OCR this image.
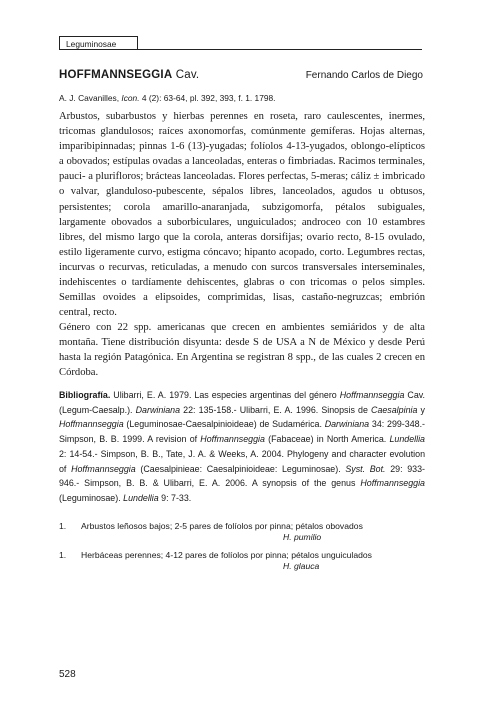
Leguminosae
HOFFMANNSEGGIA Cav.	Fernando Carlos de Diego
A. J. Cavanilles, Icon. 4 (2): 63-64, pl. 392, 393, f. 1. 1798.

Arbustos, subarbustos y hierbas perennes en roseta, raro caulescentes, inermes, tricomas glandulosos; raíces axonomorfas, comúnmente gemíferas. Hojas alternas, imparibipinnadas; pinnas 1-6 (13)-yugadas; folíolos 4-13-yugados, oblongo-elípticos a obovados; estípulas ovadas a lanceoladas, enteras o fimbriadas. Racimos terminales, pauci- a plurifloros; brácteas lanceoladas. Flores perfectas, 5-meras; cáliz ± imbricado o valvar, glanduloso-pubescente, sépalos libres, lanceolados, agudos u obtusos, persistentes; corola amarillo-anaranjada, subzigomorfa, pétalos subiguales, largamente obovados a suborbiculares, unguiculados; androceo con 10 estambres libres, del mismo largo que la corola, anteras dorsifijas; ovario recto, 8-15 ovulado, estilo ligeramente curvo, estigma cóncavo; hipanto acopado, corto. Legumbres rectas, incurvas o recurvas, reticuladas, a menudo con surcos transversales interseminales, indehiscentes o tardíamente dehiscentes, glabras o con tricomas o pelos simples. Semillas ovoides a elipsoides, comprimidas, lisas, castaño-negruzcas; embrión central, recto.

Género con 22 spp. americanas que crecen en ambientes semiáridos y de alta montaña. Tiene distribución disyunta: desde S de USA a N de México y desde Perú hasta la región Patagónica. En Argentina se registran 8 spp., de las cuales 2 crecen en Córdoba.

Bibliografía. Ulibarri, E. A. 1979. Las especies argentinas del género Hoffmannseggia Cav. (Legum-Caesalp.). Darwiniana 22: 135-158.- Ulibarri, E. A. 1996. Sinopsis de Caesalpinia y Hoffmannseggia (Leguminosae-Caesalpinioideae) de Sudamérica. Darwiniana 34: 299-348.- Simpson, B. B. 1999. A revision of Hoffmannseggia (Fabaceae) in North America. Lundellia 2: 14-54.- Simpson, B. B., Tate, J. A. & Weeks, A. 2004. Phylogeny and character evolution of Hoffmannseggia (Caesalpinieae: Caesalpinioideae: Leguminosae). Syst. Bot. 29: 933-946.- Simpson, B. B. & Ulibarri, E. A. 2006. A synopsis of the genus Hoffmannseggia (Leguminosae). Lundellia 9: 7-33.

1. Arbustos leñosos bajos; 2-5 pares de folíolos por pinna; pétalos obovados
H. pumilio
1. Herbáceas perennes; 4-12 pares de folíolos por pinna; pétalos unguiculados
H. glauca
528
